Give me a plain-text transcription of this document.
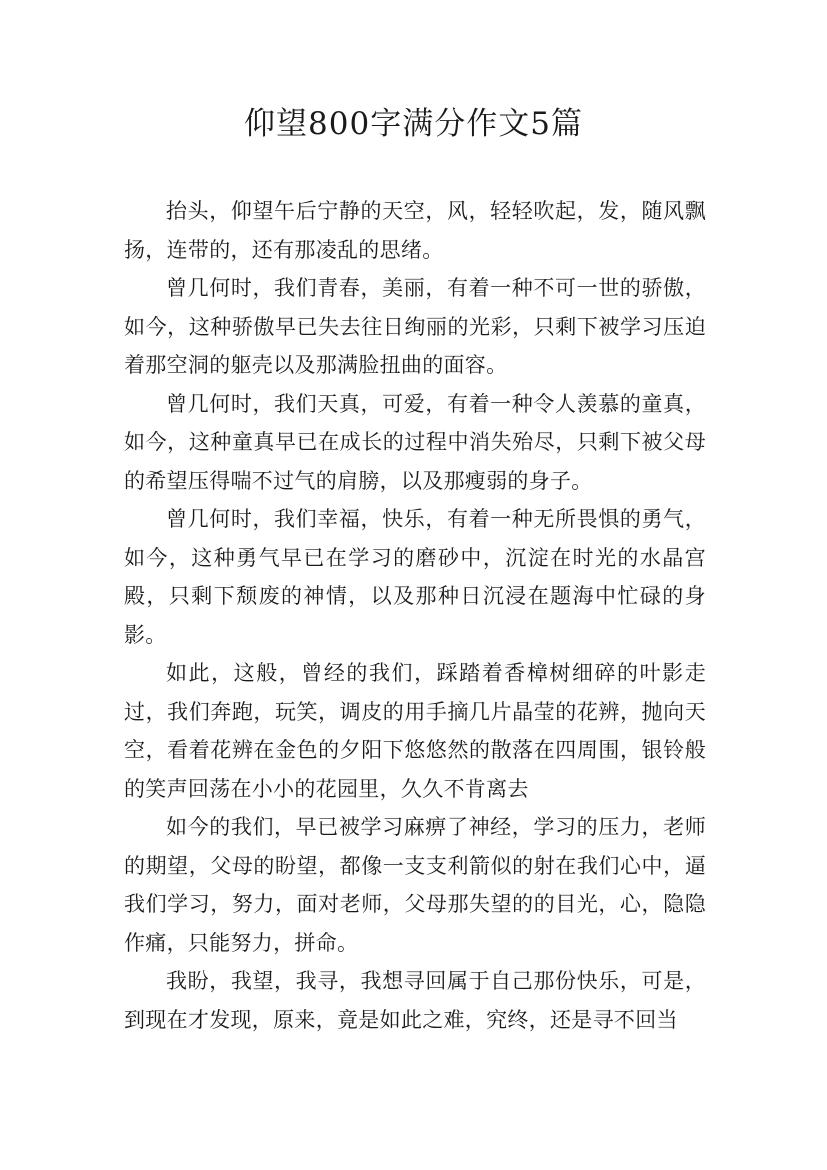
仰望800字满分作文5篇

抬头，仰望午后宁静的天空，风，轻轻吹起，发，随风飘扬，连带的，还有那凌乱的思绪。

曾几何时，我们青春，美丽，有着一种不可一世的骄傲，如今，这种骄傲早已失去往日绚丽的光彩，只剩下被学习压迫着那空洞的躯壳以及那满脸扭曲的面容。

曾几何时，我们天真，可爱，有着一种令人羡慕的童真，如今，这种童真早已在成长的过程中消失殆尽，只剩下被父母的希望压得喘不过气的肩膀，以及那瘦弱的身子。

曾几何时，我们幸福，快乐，有着一种无所畏惧的勇气，如今，这种勇气早已在学习的磨砂中，沉淀在时光的水晶宫殿，只剩下颓废的神情，以及那种日沉浸在题海中忙碌的身影。

如此，这般，曾经的我们，踩踏着香樟树细碎的叶影走过，我们奔跑，玩笑，调皮的用手摘几片晶莹的花辨，抛向天空，看着花辨在金色的夕阳下悠悠然的散落在四周围，银铃般的笑声回荡在小小的花园里，久久不肯离去

如今的我们，早已被学习麻痹了神经，学习的压力，老师的期望，父母的盼望，都像一支支利箭似的射在我们心中，逼我们学习，努力，面对老师，父母那失望的的目光，心，隐隐作痛，只能努力，拼命。

我盼，我望，我寻，我想寻回属于自己那份快乐，可是，到现在才发现，原来，竟是如此之难，究终，还是寻不回当
